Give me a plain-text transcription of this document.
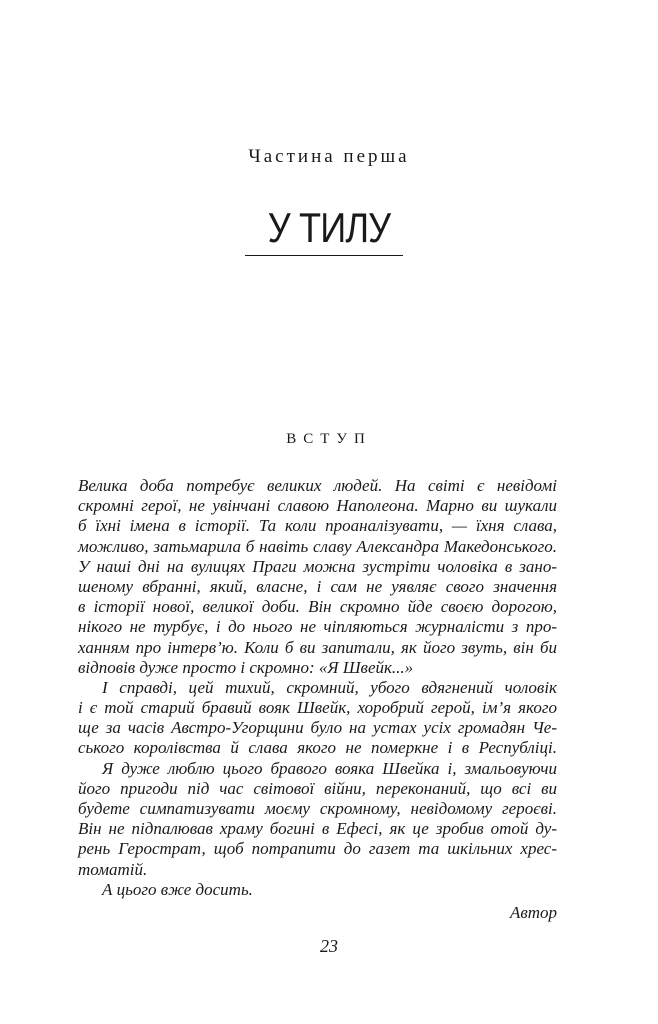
Частина перша
У ТИЛУ
ВСТУП
Велика доба потребує великих людей. На світі є невідомі
скромні герої, не увінчані славою Наполеона. Марно ви шукали
б їхні імена в історії. Та коли проаналізувати, — їхня слава,
можливо, затьмарила б навіть славу Александра Македонського.
У наші дні на вулицях Праги можна зустріти чоловіка в зано-
шеному вбранні, який, власне, і сам не уявляє свого значення
в історії нової, великої доби. Він скромно йде своєю дорогою,
нікого не турбує, і до нього не чіпляються журналісти з про-
ханням про інтерв’ю. Коли б ви запитали, як його звуть, він би
відповів дуже просто і скромно: «Я Швейк...»
І справді, цей тихий, скромний, убого вдягнений чоловік
і є той старий бравий вояк Швейк, хоробрий герой, ім’я якого
ще за часів Австро-Угорщини було на устах усіх громадян Че-
ського королівства й слава якого не померкне і в Республіці.
Я дуже люблю цього бравого вояка Швейка і, змальовуючи
його пригоди під час світової війни, переконаний, що всі ви
будете симпатизувати моєму скромному, невідомому героєві.
Він не підпалював храму богині в Ефесі, як це зробив отой ду-
рень Герострат, щоб потрапити до газет та шкільних хрес-
томатій.
А цього вже досить.
Автор
23
